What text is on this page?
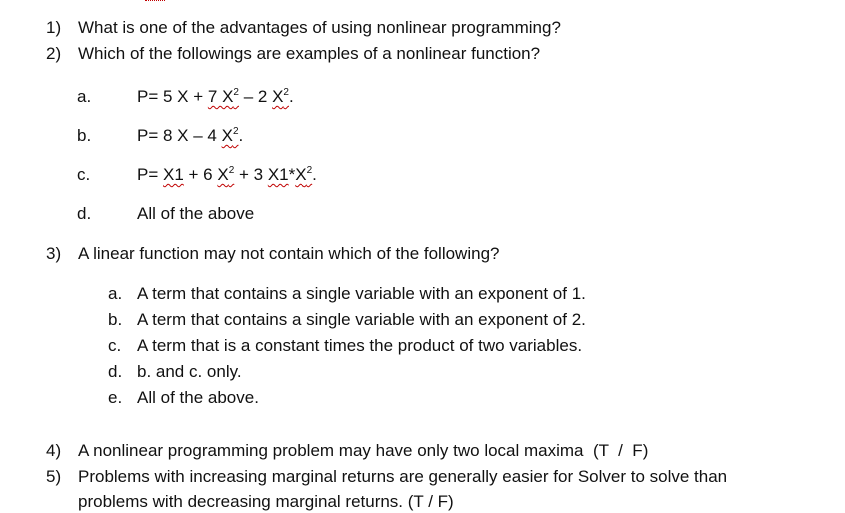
1) What is one of the advantages of using nonlinear programming?
2) Which of the followings are examples of a nonlinear function?
a.	P= 5 X + 7 $X^2 - 2$ $X^2$.
b.	P= 8 X – 4 $X^2$.
c.	P= X1 + 6 $X^2 + 3$ $X1*X^2$.
d.	All of the above
3) A linear function may not contain which of the following?
a. A term that contains a single variable with an exponent of 1.
b. A term that contains a single variable with an exponent of 2.
c. A term that is a constant times the product of two variables.
d. b. and c. only.
e. All of the above.
4) A nonlinear programming problem may have only two local maxima  (T  /  F)
5) Problems with increasing marginal returns are generally easier for Solver to solve than
problems with decreasing marginal returns. (T / F)
